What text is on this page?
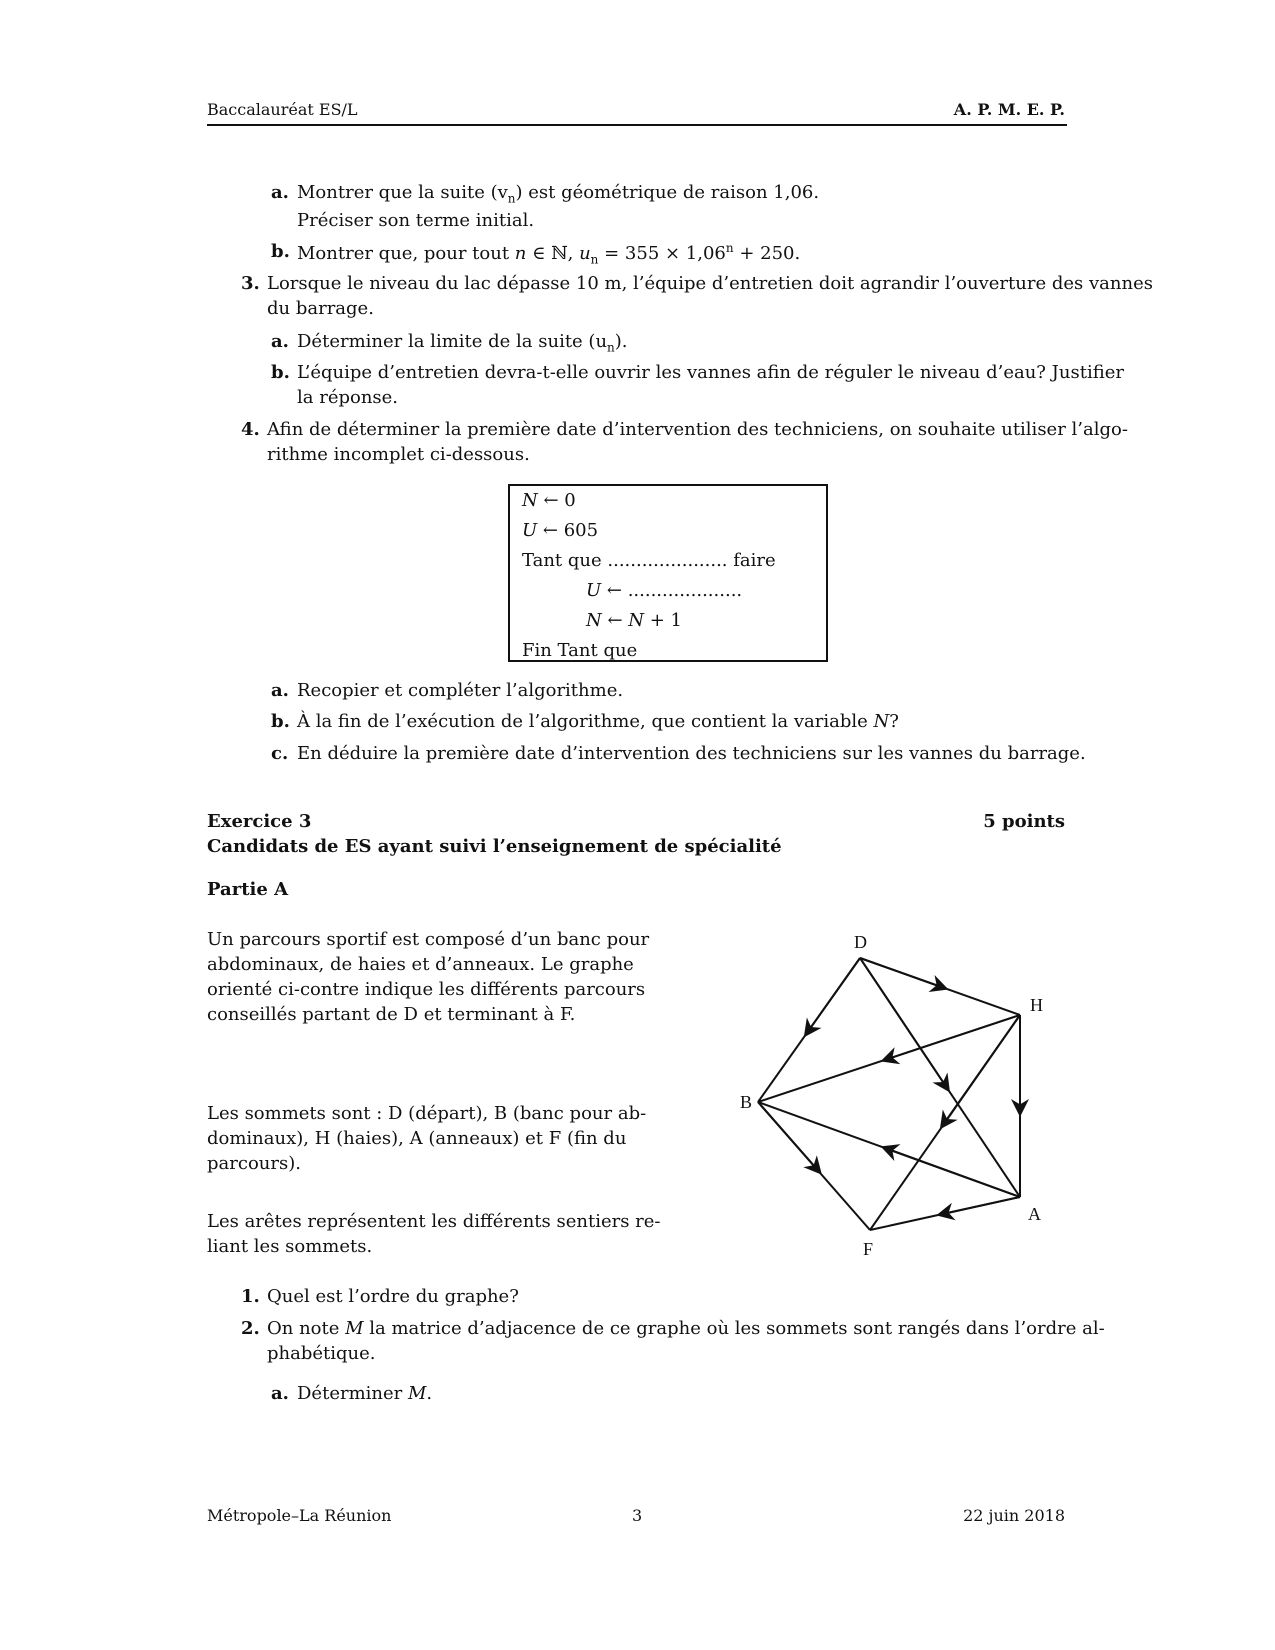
Baccalauréat ES/L	A. P. M. E. P.
a. Montrer que la suite $(v_n)$ est géométrique de raison 1,06.
Préciser son terme initial.
b. Montrer que, pour tout n ∈ ℕ, $u_n = 355 \times 1,06^n + 250$.
3. Lorsque le niveau du lac dépasse 10 m, l’équipe d’entretien doit agrandir l’ouverture des vannes
du barrage.
a. Déterminer la limite de la suite $(u_n)$.
b. L’équipe d’entretien devra-t-elle ouvrir les vannes afin de réguler le niveau d’eau? Justifier
la réponse.
4. Afin de déterminer la première date d’intervention des techniciens, on souhaite utiliser l’algo-
rithme incomplet ci-dessous.
N ← 0
U ← 605
Tant que ..................... faire
U ← ....................
N ← N + 1
Fin Tant que
a. Recopier et compléter l’algorithme.
b. À la fin de l’exécution de l’algorithme, que contient la variable N?
c. En déduire la première date d’intervention des techniciens sur les vannes du barrage.
Exercice 3	5 points
Candidats de ES ayant suivi l’enseignement de spécialité
Partie A
Un parcours sportif est composé d’un banc pour
abdominaux, de haies et d’anneaux. Le graphe
orienté ci-contre indique les différents parcours
conseillés partant de D et terminant à F.
Les sommets sont : D (départ), B (banc pour ab-
dominaux), H (haies), A (anneaux) et F (fin du
parcours).
Les arêtes représentent les différents sentiers re-
liant les sommets.
D
H
B
A
F
1. Quel est l’ordre du graphe?
2. On note M la matrice d’adjacence de ce graphe où les sommets sont rangés dans l’ordre al-
phabétique.
a. Déterminer M.
Métropole–La Réunion	3	22 juin 2018
